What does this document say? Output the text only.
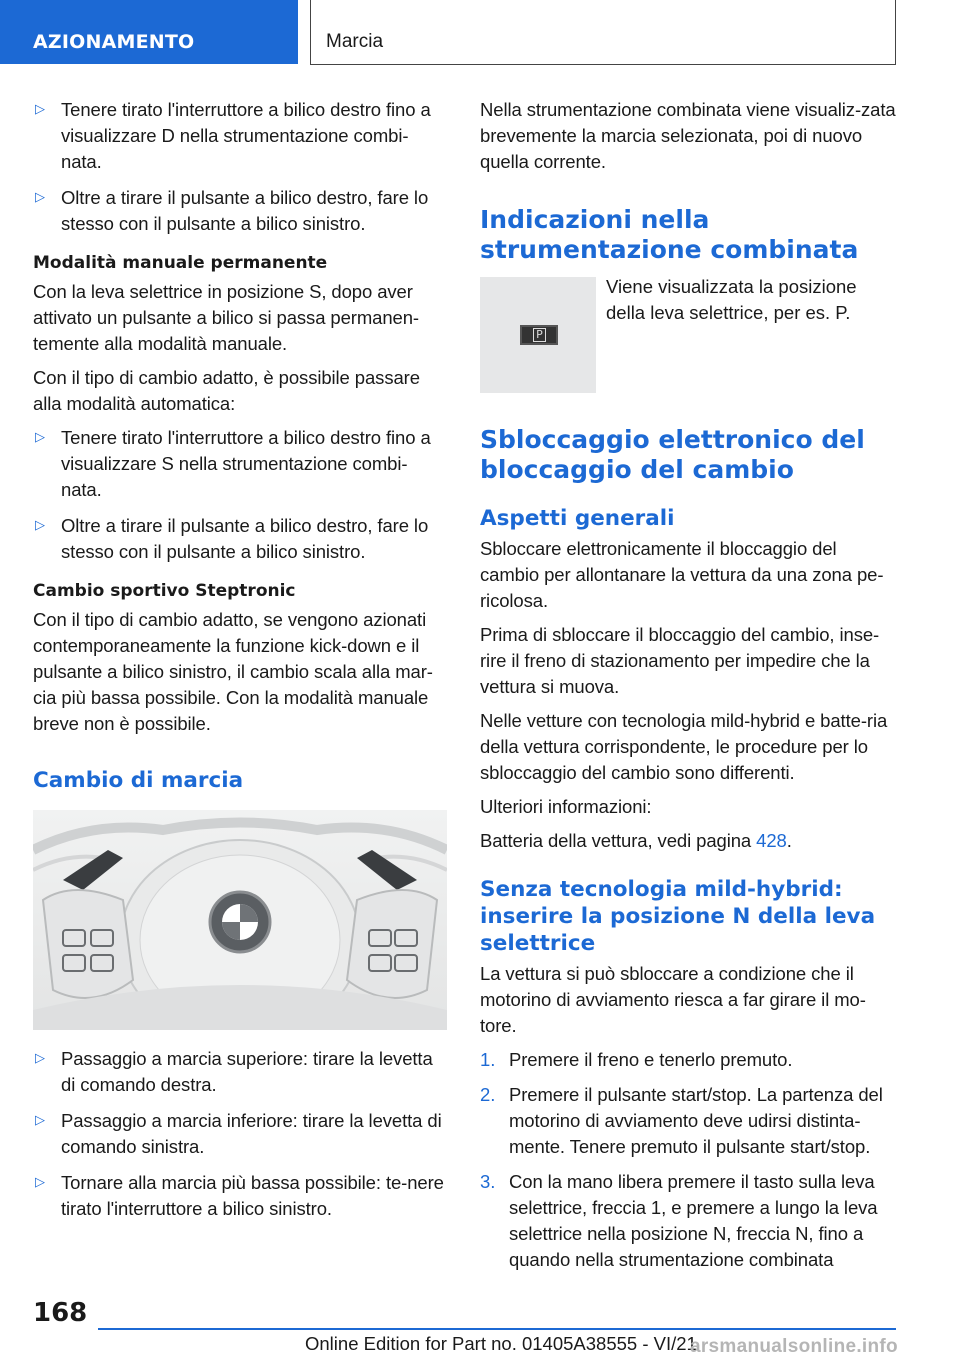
AZIONAMENTO	Marcia
▷ Tenere tirato l'interruttore a bilico destro fino a visualizzare D nella strumentazione combi-nata.
▷ Oltre a tirare il pulsante a bilico destro, fare lo stesso con il pulsante a bilico sinistro.
Modalità manuale permanente

Con la leva selettrice in posizione S, dopo aver attivato un pulsante a bilico si passa permanen-temente alla modalità manuale.

Con il tipo di cambio adatto, è possibile passare alla modalità automatica:

▷ Tenere tirato l'interruttore a bilico destro fino a visualizzare S nella strumentazione combi-nata.
▷ Oltre a tirare il pulsante a bilico destro, fare lo stesso con il pulsante a bilico sinistro.
Cambio sportivo Steptronic

Con il tipo di cambio adatto, se vengono azionati contemporaneamente la funzione kick-down e il pulsante a bilico sinistro, il cambio scala alla mar-cia più bassa possibile. Con la modalità manuale breve non è possibile.

Cambio di marcia
▷ Passaggio a marcia superiore: tirare la levetta di comando destra.
▷ Passaggio a marcia inferiore: tirare la levetta di comando sinistra.
▷ Tornare alla marcia più bassa possibile: te-nere tirato l'interruttore a bilico sinistro.

Nella strumentazione combinata viene visualiz-zata brevemente la marcia selezionata, poi di nuovo quella corrente.

Indicazioni nella strumentazione combinata
P
Viene visualizzata la posizione della leva selettrice, per es. P.
Sbloccaggio elettronico del bloccaggio del cambio
Aspetti generali

Sbloccare elettronicamente il bloccaggio del cambio per allontanare la vettura da una zona pe-ricolosa.

Prima di sbloccare il bloccaggio del cambio, inse-rire il freno di stazionamento per impedire che la vettura si muova.

Nelle vetture con tecnologia mild-hybrid e batte-ria della vettura corrispondente, le procedure per lo sbloccaggio del cambio sono differenti.

Ulteriori informazioni:

Batteria della vettura, vedi pagina 428.

Senza tecnologia mild-hybrid: inserire la posizione N della leva selettrice

La vettura si può sbloccare a condizione che il motorino di avviamento riesca a far girare il mo-tore.

1. Premere il freno e tenerlo premuto.
2. Premere il pulsante start/stop. La partenza del motorino di avviamento deve udirsi distinta-mente. Tenere premuto il pulsante start/stop.
3. Con la mano libera premere il tasto sulla leva selettrice, freccia 1, e premere a lungo la leva selettrice nella posizione N, freccia N, fino a quando nella strumentazione combinata
168
Online Edition for Part no. 01405A38555 - VI/21
arsmanualsonline.info
